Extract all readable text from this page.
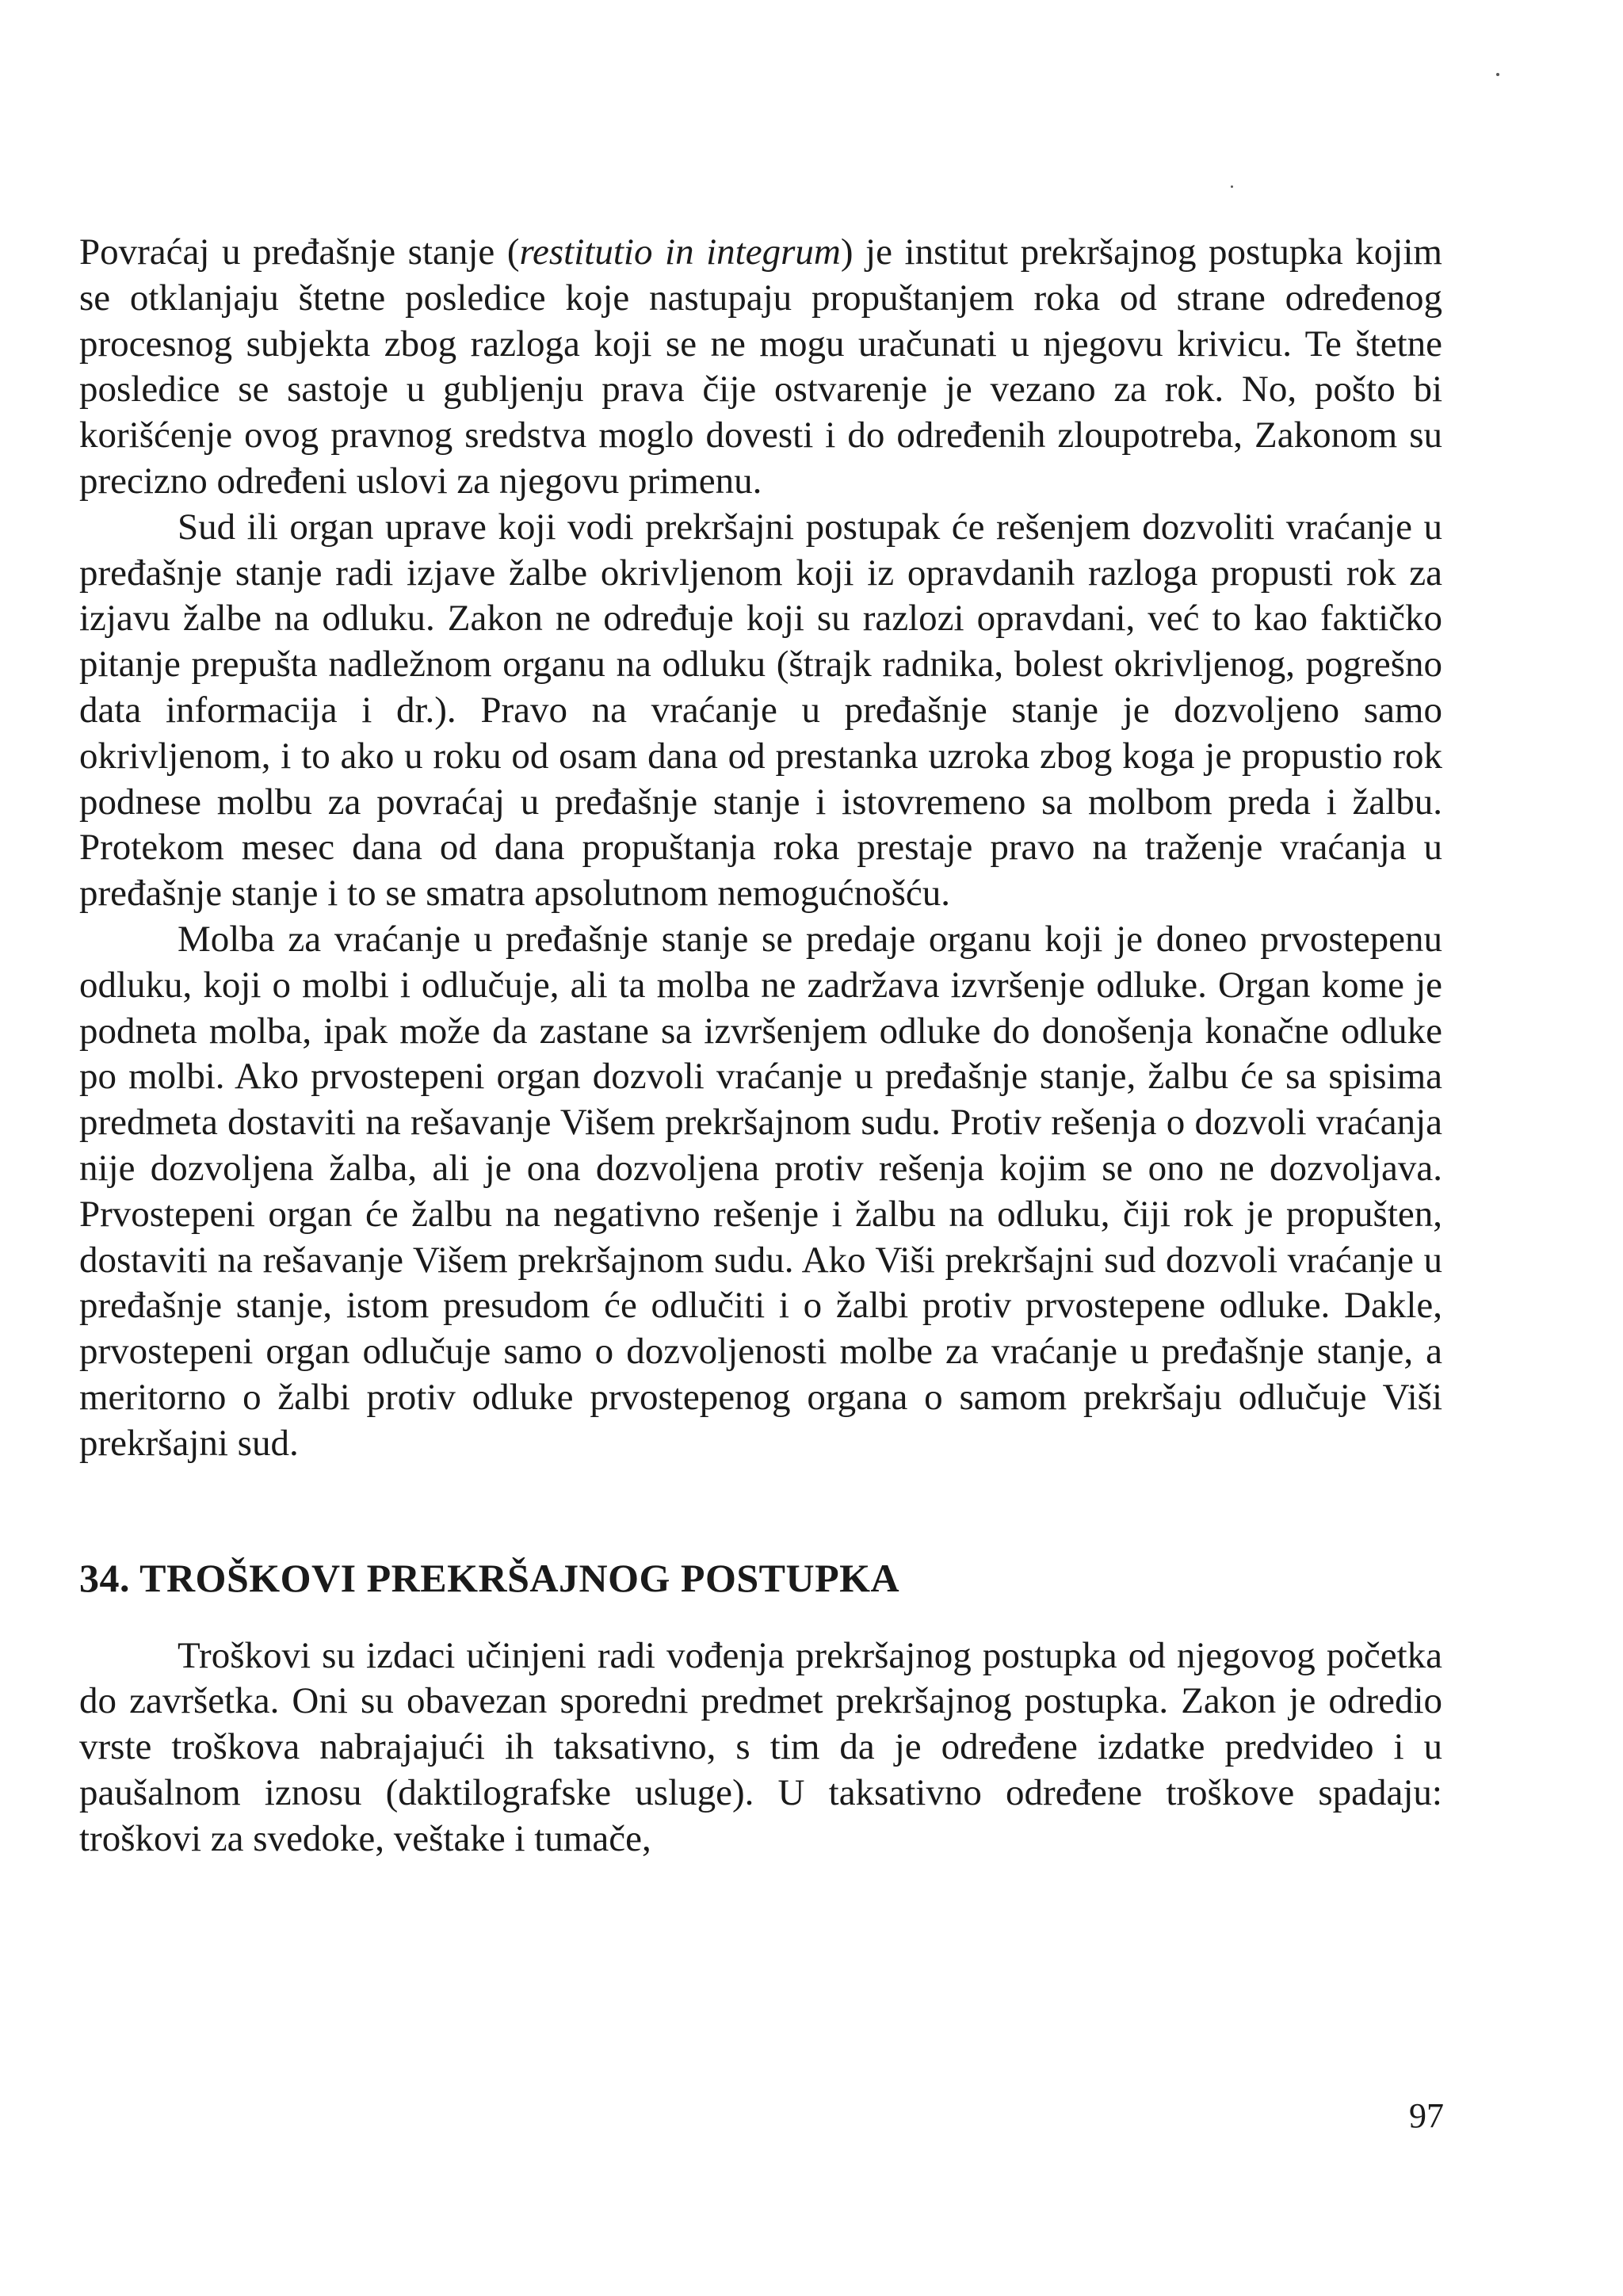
Povraćaj u pređašnje stanje (restitutio in integrum) je institut prekršajnog postupka kojim se otklanjaju štetne posledice koje nastupaju propuštanjem roka od strane određenog procesnog subjekta zbog razloga koji se ne mogu uračunati u njegovu krivicu. Te štetne posledice se sastoje u gubljenju prava čije ostvarenje je vezano za rok. No, pošto bi korišćenje ovog pravnog sredstva moglo dovesti i do određenih zloupotreba, Zakonom su precizno određeni uslovi za njegovu primenu.

Sud ili organ uprave koji vodi prekršajni postupak će rešenjem dozvoliti vraćanje u pređašnje stanje radi izjave žalbe okrivljenom koji iz opravdanih razloga propusti rok za izjavu žalbe na odluku. Zakon ne određuje koji su razlozi opravdani, već to kao faktičko pitanje prepušta nadležnom organu na odluku (štrajk radnika, bolest okrivljenog, pogrešno data informacija i dr.). Pravo na vraćanje u pređašnje stanje je dozvoljeno samo okrivljenom, i to ako u roku od osam dana od prestanka uzroka zbog koga je propustio rok podnese molbu za povraćaj u pređašnje stanje i istovremeno sa molbom preda i žalbu. Protekom mesec dana od dana propuštanja roka prestaje pravo na traženje vraćanja u pređašnje stanje i to se smatra apsolutnom nemogućnošću.

Molba za vraćanje u pređašnje stanje se predaje organu koji je doneo prvostepenu odluku, koji o molbi i odlučuje, ali ta molba ne zadržava izvršenje odluke. Organ kome je podneta molba, ipak može da zastane sa izvršenjem odluke do donošenja konačne odluke po molbi. Ako prvostepeni organ dozvoli vraćanje u pređašnje stanje, žalbu će sa spisima predmeta dostaviti na rešavanje Višem prekršajnom sudu. Protiv rešenja o dozvoli vraćanja nije dozvoljena žalba, ali je ona dozvoljena protiv rešenja kojim se ono ne dozvoljava. Prvostepeni organ će žalbu na negativno rešenje i žalbu na odluku, čiji rok je propušten, dostaviti na rešavanje Višem prekršajnom sudu. Ako Viši prekršajni sud dozvoli vraćanje u pređašnje stanje, istom presudom će odlučiti i o žalbi protiv prvostepene odluke. Dakle, prvostepeni organ odlučuje samo o dozvoljenosti molbe za vraćanje u pređašnje stanje, a meritorno o žalbi protiv odluke prvostepenog organa o samom prekršaju odlučuje Viši prekršajni sud.

34. TROŠKOVI PREKRŠAJNOG POSTUPKA

Troškovi su izdaci učinjeni radi vođenja prekršajnog postupka od njegovog početka do završetka. Oni su obavezan sporedni predmet prekršajnog postupka. Zakon je odredio vrste troškova nabrajajući ih taksativno, s tim da je određene izdatke predvideo i u paušalnom iznosu (daktilografske usluge). U taksativno određene troškove spadaju: troškovi za svedoke, veštake i tumače,

97
